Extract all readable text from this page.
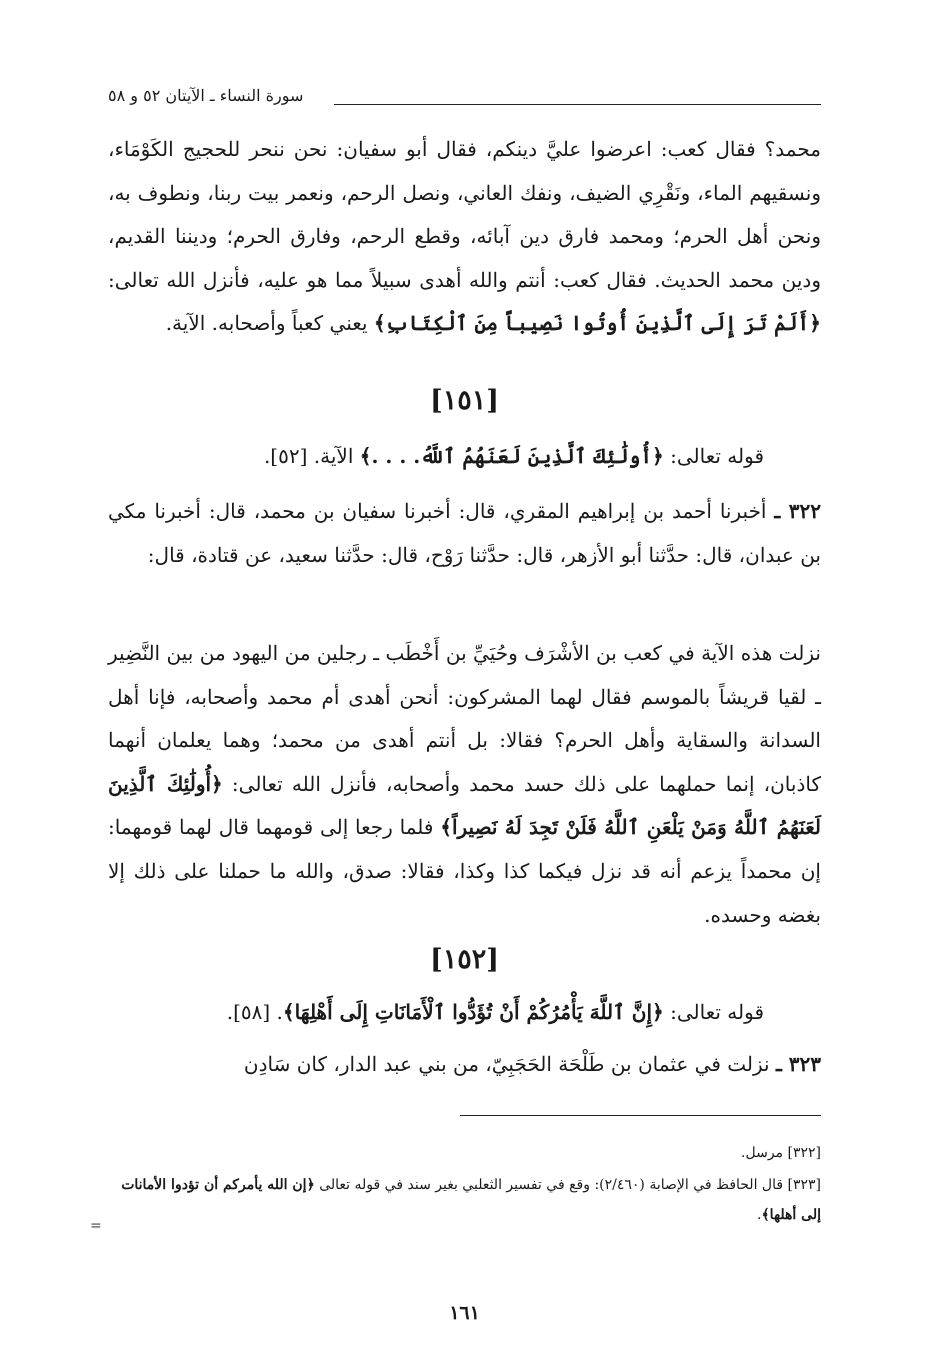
سورة النساء ـ الآيتان ٥٢ و ٥٨
محمد؟ فقال كعب: اعرضوا عليَّ دينكم، فقال أبو سفيان: نحن ننحر للحجيج الكَوْمَاء، ونسقيهم الماء، ونَقْرِي الضيف، ونفك العاني، ونصل الرحم، ونعمر بيت ربنا، ونطوف به، ونحن أهل الحرم؛ ومحمد فارق دين آبائه، وقطع الرحم، وفارق الحرم؛ وديننا القديم، ودين محمد الحديث. فقال كعب: أنتم والله أهدى سبيلاً مما هو عليه، فأنزل الله تعالى: ﴿أَلَمْ تَرَ إِلَى ٱلَّذِينَ أُوتُوا نَصِيباً مِنَ ٱلْكِتَابِ﴾ يعني كعباً وأصحابه. الآية.
[١٥١]
قوله تعالى: ﴿أُولَٰئِكَ ٱلَّذِينَ لَعَنَهُمُ ٱللَّهُ. . . .﴾ الآية. [٥٢].
٣٢٢ ـ أخبرنا أحمد بن إبراهيم المقري، قال: أخبرنا سفيان بن محمد، قال: أخبرنا مكي بن عبدان، قال: حدَّثنا أبو الأزهر، قال: حدَّثنا رَوْح، قال: حدَّثنا سعيد، عن قتادة، قال:
نزلت هذه الآية في كعب بن الأشْرَف وحُيَيِّ بن أَخْطَب ـ رجلين من اليهود من بين النَّضِير ـ لقيا قريشاً بالموسم فقال لهما المشركون: أنحن أهدى أم محمد وأصحابه، فإنا أهل السدانة والسقاية وأهل الحرم؟ فقالا: بل أنتم أهدى من محمد؛ وهما يعلمان أنهما كاذبان، إنما حملهما على ذلك حسد محمد وأصحابه، فأنزل الله تعالى: ﴿أُولَٰئِكَ ٱلَّذِينَ لَعَنَهُمُ ٱللَّهُ وَمَنْ يَلْعَنِ ٱللَّهُ فَلَنْ تَجِدَ لَهُ نَصِيراً﴾ فلما رجعا إلى قومهما قال لهما قومهما: إن محمداً يزعم أنه قد نزل فيكما كذا وكذا، فقالا: صدق، والله ما حملنا على ذلك إلا بغضه وحسده.
[١٥٢]
قوله تعالى: ﴿إِنَّ ٱللَّهَ يَأْمُرُكُمْ أَنْ تُؤَدُّوا ٱلْأَمَانَاتِ إِلَى أَهْلِهَا﴾. [٥٨].
٣٢٣ ـ نزلت في عثمان بن طَلْحَة الحَجَبِيّ، من بني عبد الدار، كان سَادِن
[٣٢٢] مرسل.
[٣٢٣] قال الحافظ في الإصابة (٢/٤٦٠): وقع في تفسير الثعلبي بغير سند في قوله تعالى ﴿إن الله يأمركم أن تؤدوا الأمانات إلى أهلها﴾.
=
١٦١
